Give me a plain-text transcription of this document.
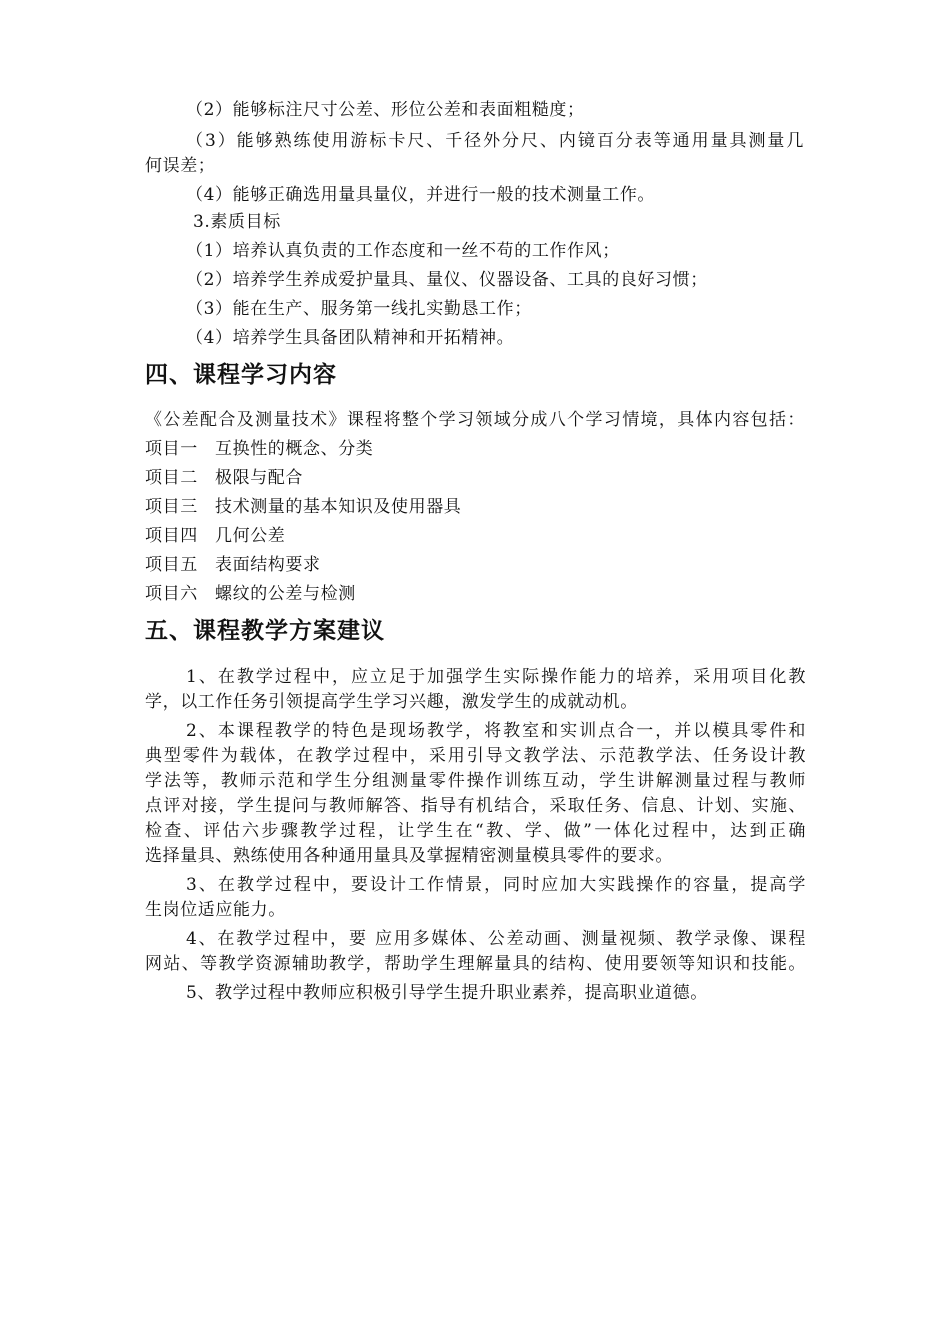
（2）能够标注尺寸公差、形位公差和表面粗糙度；
（3）能够熟练使用游标卡尺、千径外分尺、内镜百分表等通用量具测量几
何误差；
（4）能够正确选用量具量仪，并进行一般的技术测量工作。
3.素质目标
（1）培养认真负责的工作态度和一丝不苟的工作作风；
（2）培养学生养成爱护量具、量仪、仪器设备、工具的良好习惯；
（3）能在生产、服务第一线扎实勤恳工作；
（4）培养学生具备团队精神和开拓精神。
四、课程学习内容
《公差配合及测量技术》课程将整个学习领域分成八个学习情境，具体内容包括：
项目一 互换性的概念、分类
项目二 极限与配合
项目三 技术测量的基本知识及使用器具
项目四 几何公差
项目五 表面结构要求
项目六 螺纹的公差与检测
五、课程教学方案建议
1、在教学过程中，应立足于加强学生实际操作能力的培养，采用项目化教
学，以工作任务引领提高学生学习兴趣，激发学生的成就动机。
2、本课程教学的特色是现场教学，将教室和实训点合一，并以模具零件和
典型零件为载体，在教学过程中，采用引导文教学法、示范教学法、任务设计教
学法等，教师示范和学生分组测量零件操作训练互动，学生讲解测量过程与教师
点评对接，学生提问与教师解答、指导有机结合，采取任务、信息、计划、实施、
检查、评估六步骤教学过程，让学生在“教、学、做”一体化过程中，达到正确
选择量具、熟练使用各种通用量具及掌握精密测量模具零件的要求。
3、在教学过程中，要设计工作情景，同时应加大实践操作的容量，提高学
生岗位适应能力。
4、在教学过程中，要 应用多媒体、公差动画、测量视频、教学录像、课程
网站、等教学资源辅助教学，帮助学生理解量具的结构、使用要领等知识和技能。
5、教学过程中教师应积极引导学生提升职业素养，提高职业道德。
